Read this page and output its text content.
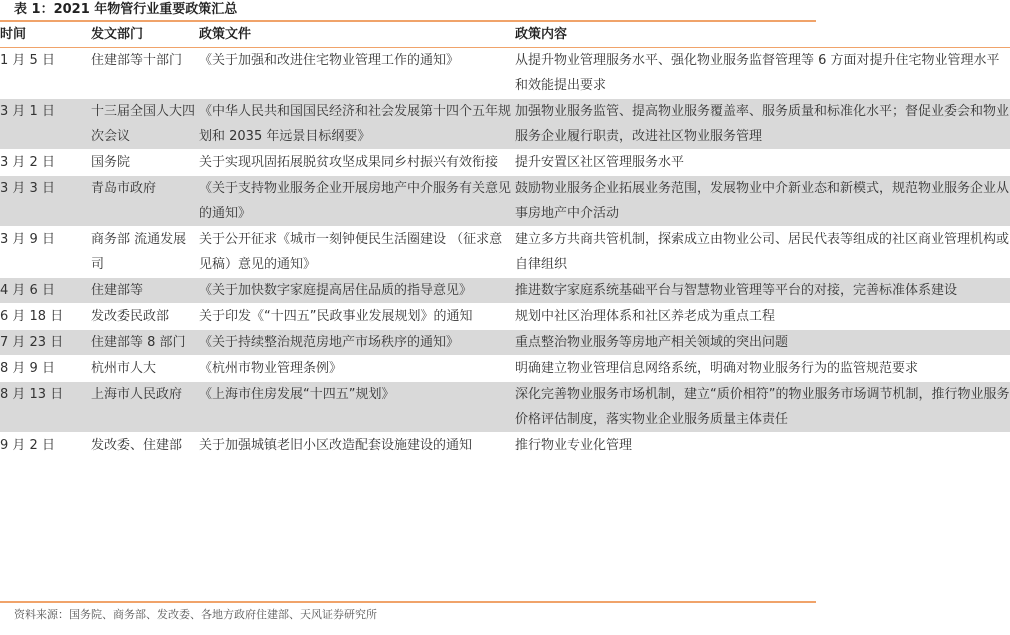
表 1：2021 年物管行业重要政策汇总
时间	发文部门	政策文件	政策内容
1 月 5 日	住建部等十部门	《关于加强和改进住宅物业管理工作的通知》	从提升物业管理服务水平、强化物业服务监督管理等 6 方面对提升住宅物业管理水平和效能提出要求
3 月 1 日	十三届全国人大四次会议	《中华人民共和国国民经济和社会发展第十四个五年规划和 2035 年远景目标纲要》	加强物业服务监管、提高物业服务覆盖率、服务质量和标准化水平；督促业委会和物业服务企业履行职责，改进社区物业服务管理
3 月 2 日	国务院	关于实现巩固拓展脱贫攻坚成果同乡村振兴有效衔接	提升安置区社区管理服务水平
3 月 3 日	青岛市政府	《关于支持物业服务企业开展房地产中介服务有关意见的通知》	鼓励物业服务企业拓展业务范围，发展物业中介新业态和新模式，规范物业服务企业从事房地产中介活动
3 月 9 日	商务部 流通发展司	关于公开征求《城市一刻钟便民生活圈建设 （征求意见稿）意见的通知》	建立多方共商共管机制，探索成立由物业公司、居民代表等组成的社区商业管理机构或自律组织
4 月 6 日	住建部等	《关于加快数字家庭提高居住品质的指导意见》	推进数字家庭系统基础平台与智慧物业管理等平台的对接，完善标准体系建设
6 月 18 日	发改委民政部	关于印发《“十四五”民政事业发展规划》的通知	规划中社区治理体系和社区养老成为重点工程
7 月 23 日	住建部等 8 部门	《关于持续整治规范房地产市场秩序的通知》	重点整治物业服务等房地产相关领域的突出问题
8 月 9 日	杭州市人大	《杭州市物业管理条例》	明确建立物业管理信息网络系统，明确对物业服务行为的监管规范要求
8 月 13 日	上海市人民政府	《上海市住房发展“十四五”规划》	深化完善物业服务市场机制，建立“质价相符”的物业服务市场调节机制，推行物业服务价格评估制度，落实物业企业服务质量主体责任
9 月 2 日	发改委、住建部	关于加强城镇老旧小区改造配套设施建设的通知	推行物业专业化管理
资料来源：国务院、商务部、发改委、各地方政府住建部、天风证券研究所
